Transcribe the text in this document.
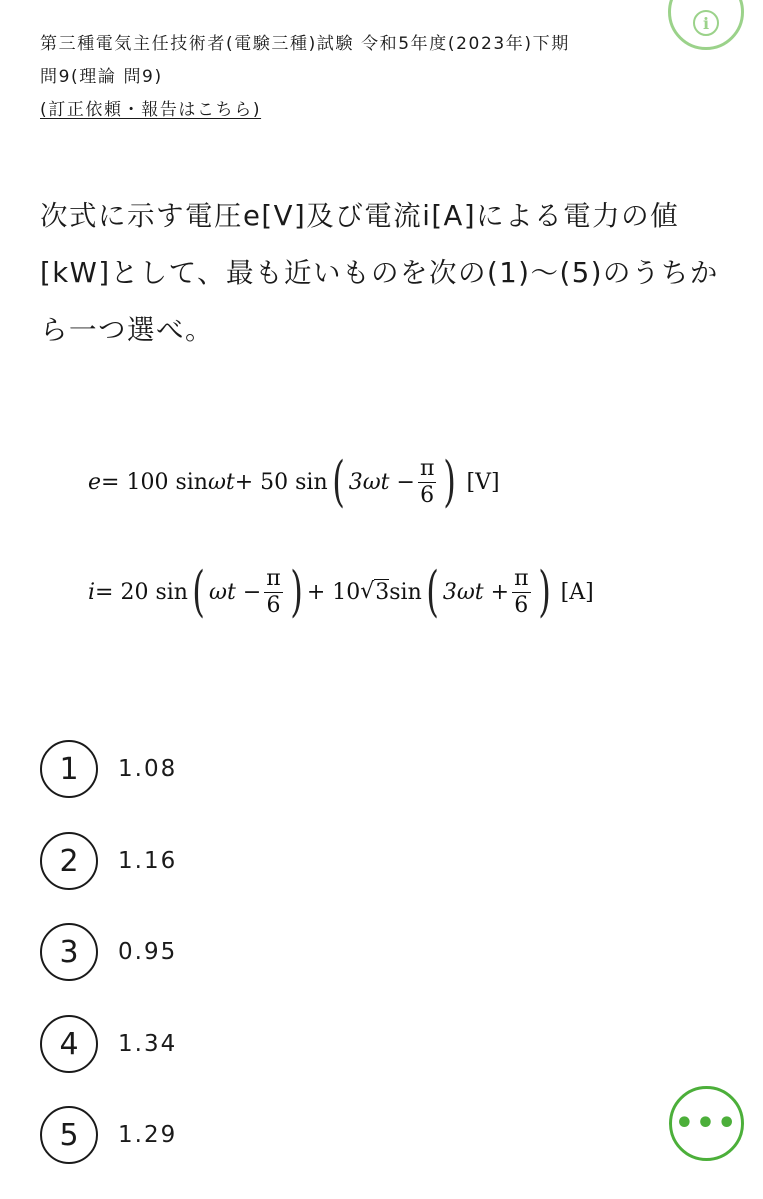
i
第三種電気主任技術者(電験三種)試験 令和5年度(2023年)下期
問9(理論 問9)
(訂正依頼・報告はこちら)
次式に示す電圧e[V]及び電流i[A]による電力の値[kW]として、最も近いものを次の(1)～(5)のうちから一つ選べ。
e = 100 sin ωt + 50 sin ( $3\omega t - \frac{\pi}{6}$ ) [V]
i = 20 sin ( $\omega t - \frac{\pi}{6}$ ) + 10 √ 3 sin ( $3\omega t + \frac{\pi}{6}$ ) [A]
1	1.08
2	1.16
3	0.95
4	1.34
5	1.29	•••
